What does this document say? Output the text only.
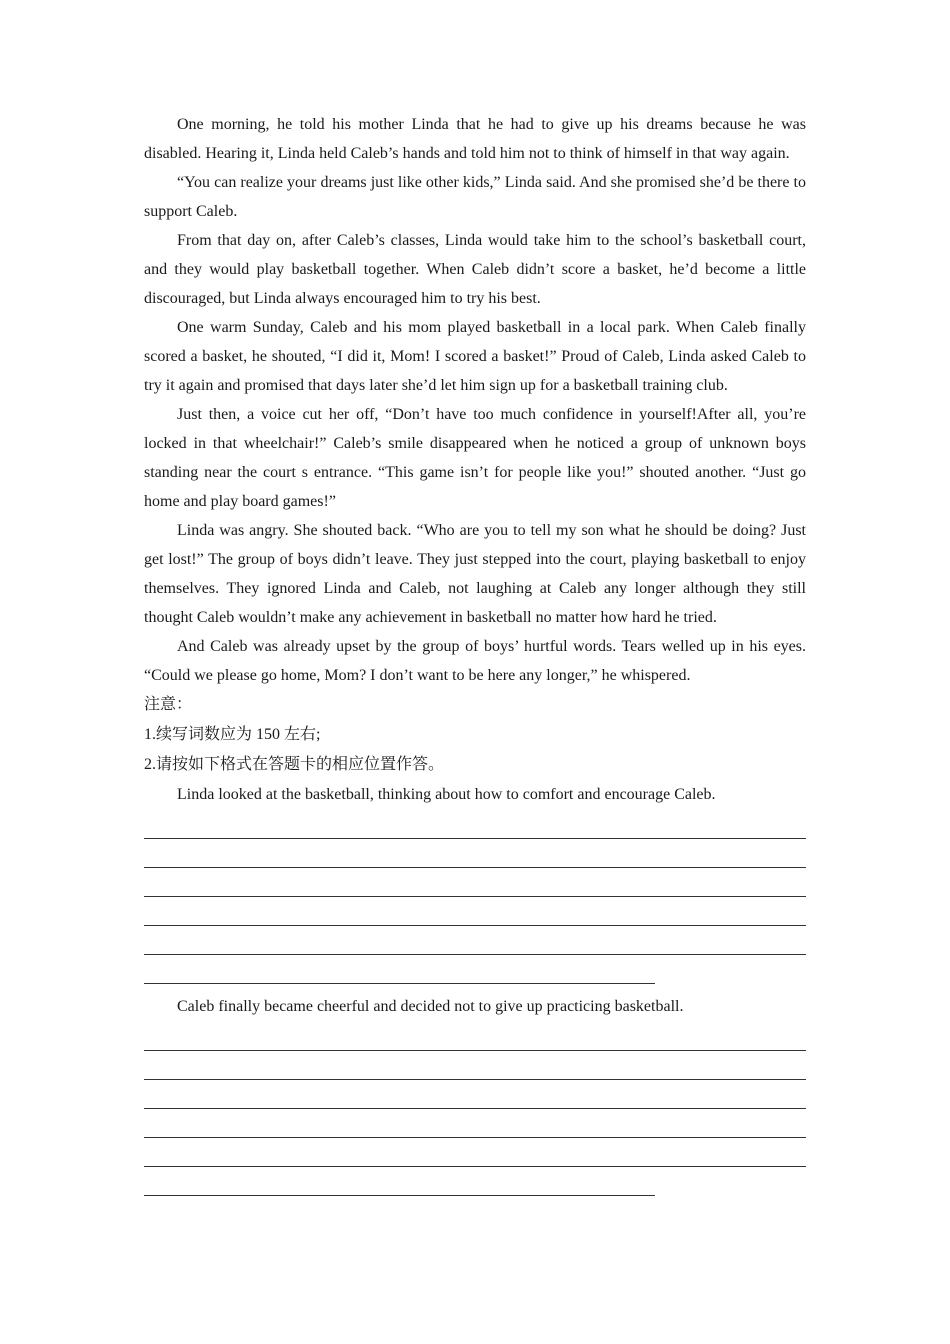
One morning, he told his mother Linda that he had to give up his dreams because he was disabled. Hearing it, Linda held Caleb’s hands and told him not to think of himself in that way again.

“You can realize your dreams just like other kids,” Linda said. And she promised she’d be there to support Caleb.

From that day on, after Caleb’s classes, Linda would take him to the school’s basketball court, and they would play basketball together. When Caleb didn’t score a basket, he’d become a little discouraged, but Linda always encouraged him to try his best.

One warm Sunday, Caleb and his mom played basketball in a local park. When Caleb finally scored a basket, he shouted, “I did it, Mom! I scored a basket!” Proud of Caleb, Linda asked Caleb to try it again and promised that days later she’d let him sign up for a basketball training club.

Just then, a voice cut her off, “Don’t have too much confidence in yourself!After all, you’re locked in that wheelchair!” Caleb’s smile disappeared when he noticed a group of unknown boys standing near the court s entrance. “This game isn’t for people like you!” shouted another. “Just go home and play board games!”

Linda was angry. She shouted back. “Who are you to tell my son what he should be doing? Just get lost!” The group of boys didn’t leave. They just stepped into the court, playing basketball to enjoy themselves. They ignored Linda and Caleb, not laughing at Caleb any longer although they still thought Caleb wouldn’t make any achievement in basketball no matter how hard he tried.

And Caleb was already upset by the group of boys’ hurtful words. Tears welled up in his eyes. “Could we please go home, Mom? I don’t want to be here any longer,” he whispered.

注意：

1.续写词数应为 150 左右;

2.请按如下格式在答题卡的相应位置作答。

Linda looked at the basketball, thinking about how to comfort and encourage Caleb.

Caleb finally became cheerful and decided not to give up practicing basketball.
